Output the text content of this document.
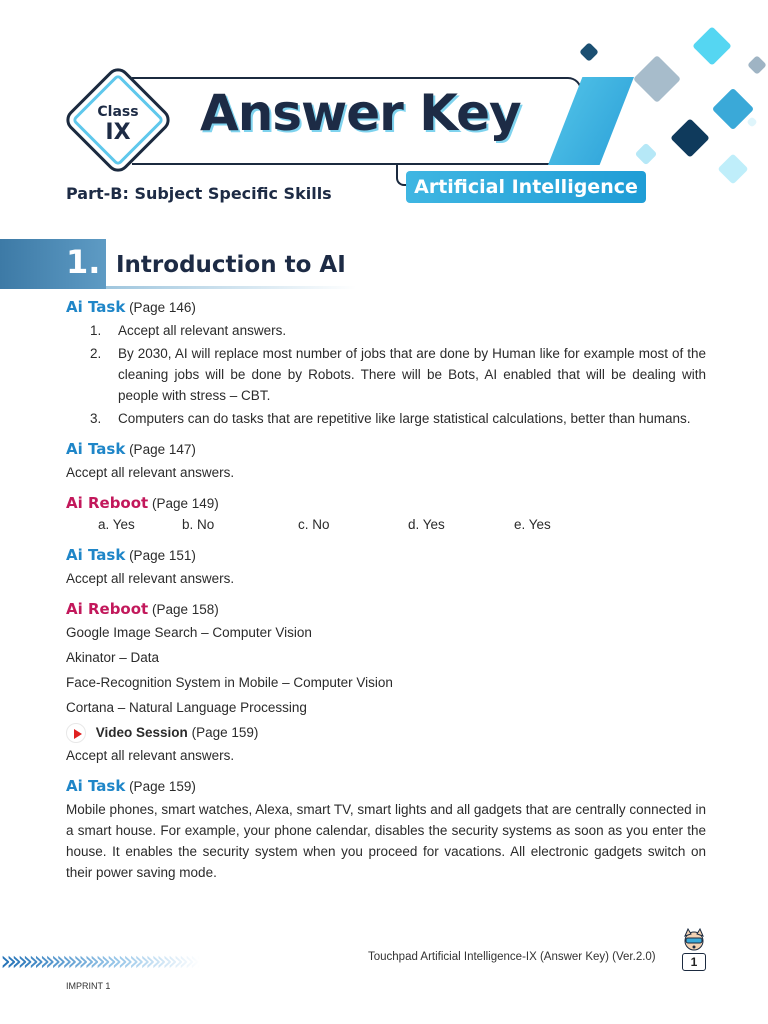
Class
IX	Answer Key
Artificial Intelligence
Part-B: Subject Specific Skills
1. Introduction to AI
Ai Task (Page 146)
1.	Accept all relevant answers.
2.	By 2030, AI will replace most number of jobs that are done by Human like for example most of the cleaning jobs will be done by Robots. There will be Bots, AI enabled that will be dealing with people with stress – CBT.
3.	Computers can do tasks that are repetitive like large statistical calculations, better than humans.
Ai Task (Page 147)
Accept all relevant answers.
Ai Reboot (Page 149)
a. Yes	b. No	c. No	d. Yes	e. Yes
Ai Task (Page 151)
Accept all relevant answers.
Ai Reboot (Page 158)
Google Image Search – Computer Vision
Akinator – Data
Face-Recognition System in Mobile – Computer Vision
Cortana – Natural Language Processing
Video Session (Page 159)
Accept all relevant answers.
Ai Task (Page 159)
Mobile phones, smart watches, Alexa, smart TV, smart lights and all gadgets that are centrally connected in a smart house. For example, your phone calendar, disables the security systems as soon as you enter the house. It enables the security system when you proceed for vacations. All electronic gadgets switch on their power saving mode.
»»»»»»»»»»»»»»»»»»	Touchpad Artificial Intelligence-IX (Answer Key) (Ver.2.0)	1
IMPRINT 1
